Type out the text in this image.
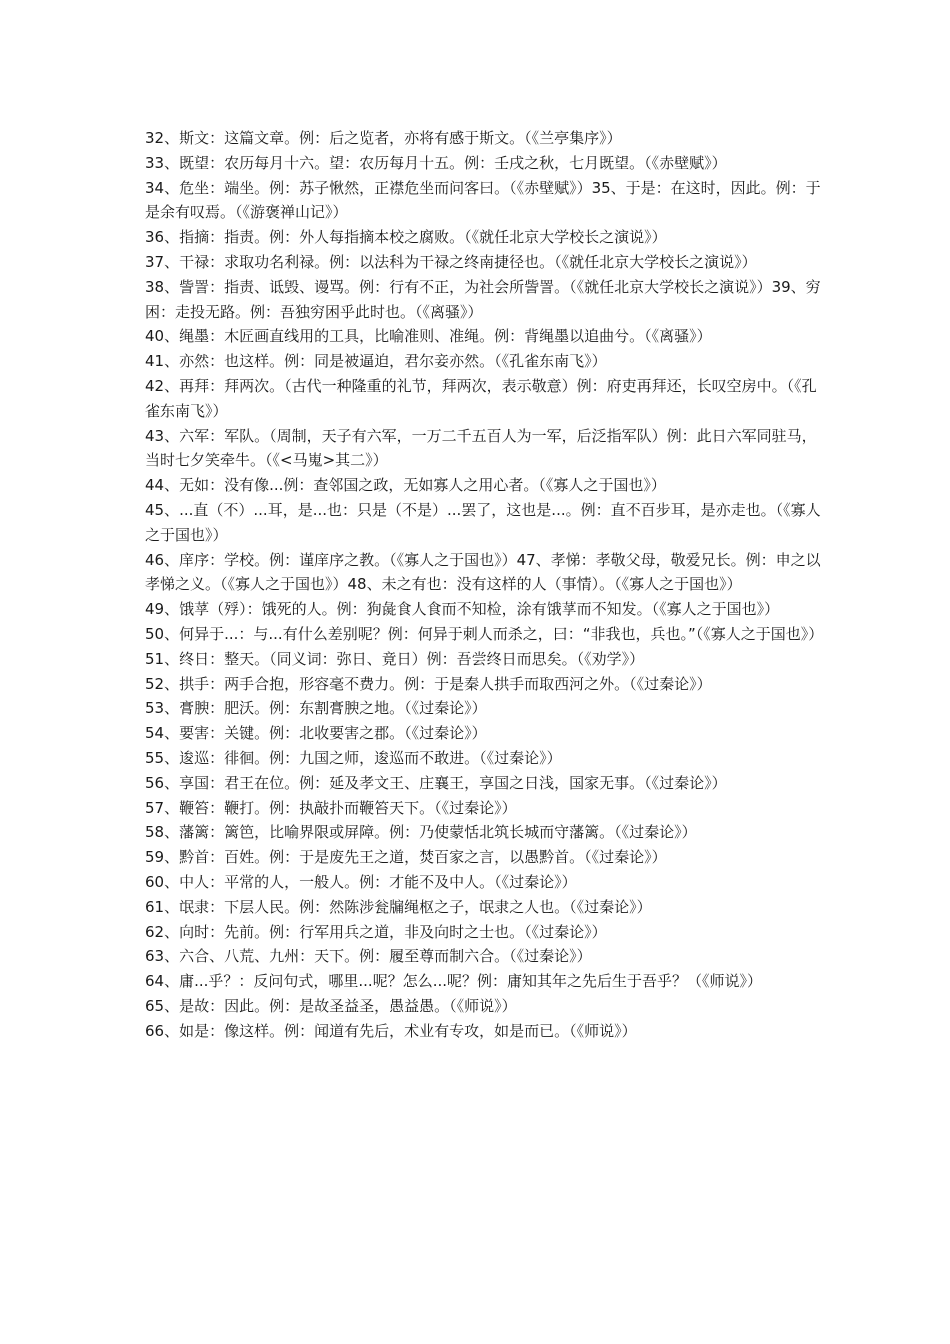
32、斯文：这篇文章。例：后之览者，亦将有感于斯文。（《兰亭集序》）

33、既望：农历每月十六。望：农历每月十五。例：壬戌之秋，七月既望。（《赤壁赋》）

34、危坐：端坐。例：苏子愀然，正襟危坐而问客曰。（《赤壁赋》）35、于是：在这时，因此。例：于是余有叹焉。（《游褒禅山记》）

36、指摘：指责。例：外人每指摘本校之腐败。（《就任北京大学校长之演说》）

37、干禄：求取功名利禄。例：以法科为干禄之终南捷径也。（《就任北京大学校长之演说》）

38、訾詈：指责、诋毁、谩骂。例：行有不正，为社会所訾詈。（《就任北京大学校长之演说》）39、穷困：走投无路。例：吾独穷困乎此时也。（《离骚》）

40、绳墨：木匠画直线用的工具，比喻准则、准绳。例：背绳墨以追曲兮。（《离骚》）

41、亦然：也这样。例：同是被逼迫，君尔妾亦然。（《孔雀东南飞》）

42、再拜：拜两次。（古代一种隆重的礼节，拜两次，表示敬意）例：府吏再拜还，长叹空房中。（《孔雀东南飞》）

43、六军：军队。（周制，天子有六军，一万二千五百人为一军，后泛指军队）例：此日六军同驻马，当时七夕笑牵牛。（《<马嵬>其二》）

44、无如：没有像...例：查邻国之政，无如寡人之用心者。（《寡人之于国也》）

45、...直（不）...耳，是...也：只是（不是）...罢了，这也是...。例：直不百步耳，是亦走也。（《寡人之于国也》）

46、庠序：学校。例：谨庠序之教。（《寡人之于国也》）47、孝悌：孝敬父母，敬爱兄长。例：申之以孝悌之义。（《寡人之于国也》）48、未之有也：没有这样的人（事情）。（《寡人之于国也》）

49、饿莩（殍）：饿死的人。例：狗彘食人食而不知检，涂有饿莩而不知发。（《寡人之于国也》）

50、何异于...：与...有什么差别呢？例：何异于刺人而杀之，曰：“非我也，兵也。”（《寡人之于国也》）

51、终日：整天。（同义词：弥日、竟日）例：吾尝终日而思矣。（《劝学》）

52、拱手：两手合抱，形容毫不费力。例：于是秦人拱手而取西河之外。（《过秦论》）

53、膏腴：肥沃。例：东割膏腴之地。（《过秦论》）

54、要害：关键。例：北收要害之郡。（《过秦论》）

55、逡巡：徘徊。例：九国之师，逡巡而不敢进。（《过秦论》）

56、享国：君王在位。例：延及孝文王、庄襄王，享国之日浅，国家无事。（《过秦论》）

57、鞭笞：鞭打。例：执敲扑而鞭笞天下。（《过秦论》）

58、藩篱：篱笆，比喻界限或屏障。例：乃使蒙恬北筑长城而守藩篱。（《过秦论》）

59、黔首：百姓。例：于是废先王之道，焚百家之言，以愚黔首。（《过秦论》）

60、中人：平常的人，一般人。例：才能不及中人。（《过秦论》）

61、氓隶：下层人民。例：然陈涉瓮牖绳枢之子，氓隶之人也。（《过秦论》）

62、向时：先前。例：行军用兵之道，非及向时之士也。（《过秦论》）

63、六合、八荒、九州：天下。例：履至尊而制六合。（《过秦论》）

64、庸...乎？：反问句式，哪里...呢？怎么...呢？例：庸知其年之先后生于吾乎？（《师说》）

65、是故：因此。例：是故圣益圣，愚益愚。（《师说》）

66、如是：像这样。例：闻道有先后，术业有专攻，如是而已。（《师说》）
